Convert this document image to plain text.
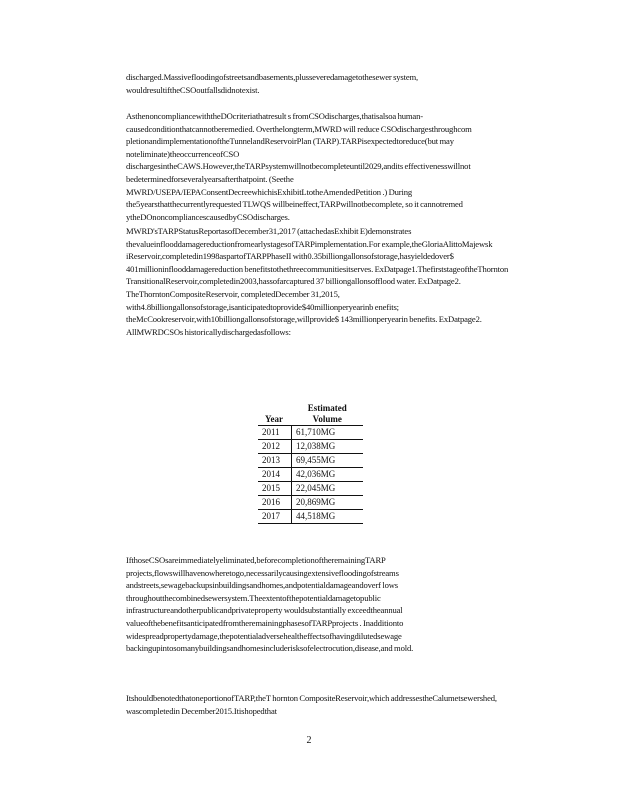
discharged.Massivefloodingofstreetsandbasements,plusseveredamagetothesewer system, wouldresultiftheCSOoutfallsdidnotexist.

AsthenoncompliancewiththeDOcriteriathatresult s fromCSOdischarges,thatisalsoa human-causedconditionthatcannotberemedied. Overthelongterm,MWRD will reduce CSOdischargesthroughcom pletionandimplementationoftheTunnelandReservoirPlan (TARP).TARPisexpectedtoreduce(but may noteliminate)theoccurrenceofCSO dischargesintheCAWS.However,theTARPsystemwillnotbecompleteuntil2029,andits effectivenesswillnot bedeterminedforseveralyearsafterthatpoint. (Seethe MWRD/USEPA/IEPAConsentDecreewhichisExhibitLtotheAmendedPetition .) During the5yearsthatthecurrentlyrequested TLWQS willbeineffect,TARPwillnotbecomplete, so it cannotremed ytheDOnoncompliancescausedbyCSOdischarges.

MWRD'sTARPStatusReportasofDecember31,2017 (attachedasExhibit E)demonstrates thevalueinflooddamagereductionfromearlystagesofTARPimplementation.For example,theGloriaAlittoMajewsk iReservoir,completedin1998aspartofTARPPhaseII with0.35billiongallonsofstorage,hasyieldedover$ 401millioninflooddamagereduction benefitstothethreecommunitiesitserves. ExDatpage1.ThefirststageoftheThornton TransitionalReservoir,completedin2003,hassofarcaptured 37 billiongallonsofflood water. ExDatpage2. TheThorntonCompositeReservoir, completedDecember 31,2015, with4.8billiongallonsofstorage,isanticipatedtoprovide$40millionperyearinb enefits; theMcCookreservoir,with10billiongallonsofstorage,willprovide$ 143millionperyearin benefits. ExDatpage2. AllMWRDCSOs historicallydischargedasfollows:

Year	Estimated Volume
2011	61,710MG
2012	12,038MG
2013	69,455MG
2014	42,036MG
2015	22,045MG
2016	20,869MG
2017	44,518MG

IfthoseCSOsareimmediatelyeliminated,beforecompletionoftheremainingTARP projects,flowswillhavenowheretogo,necessarilycausingextensivefloodingofstreams andstreets,sewagebackupsinbuildingsandhomes,andpotentialdamageandoverf lows throughoutthecombinedsewersystem.Theextentofthepotentialdamagetopublic infrastructureandotherpublicandprivateproperty wouldsubstantially exceedtheannual valueofthebenefitsanticipatedfromtheremainingphasesofTARPprojects . Inadditionto widespreadpropertydamage,thepotentialadversehealtheffectsofhavingdilutedsewage backingupintosomanybuildingsandhomesincluderisksofelectrocution,disease,and mold.

ItshouldbenotedthatoneportionofTARP,theT hornton CompositeReservoir,which addressestheCalumetsewershed, wascompletedin December2015.Itishopedthat

2
